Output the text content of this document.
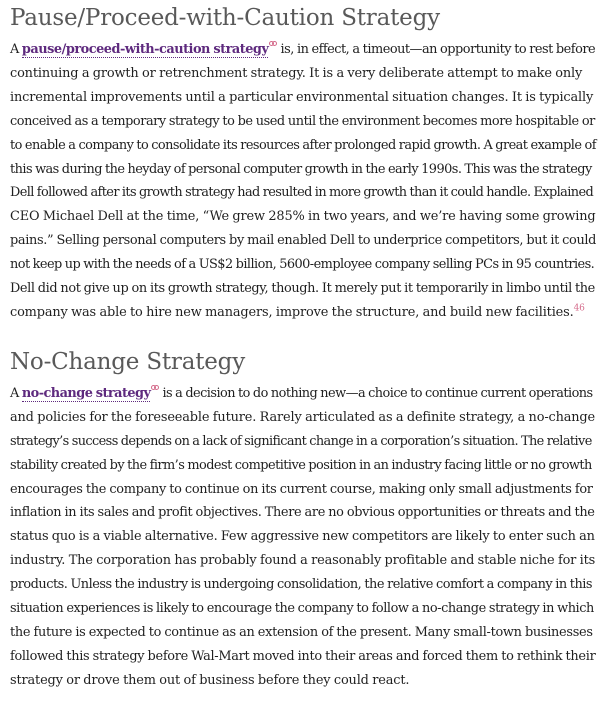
Pause/Proceed-with-Caution Strategy

A pause/proceed-with-caution strategy is, in effect, a timeout—an opportunity to rest before
continuing a growth or retrenchment strategy. It is a very deliberate attempt to make only
incremental improvements until a particular environmental situation changes. It is typically
conceived as a temporary strategy to be used until the environment becomes more hospitable or
to enable a company to consolidate its resources after prolonged rapid growth. A great example of
this was during the heyday of personal computer growth in the early 1990s. This was the strategy
Dell followed after its growth strategy had resulted in more growth than it could handle. Explained
CEO Michael Dell at the time, “We grew 285% in two years, and we’re having some growing
pains.” Selling personal computers by mail enabled Dell to underprice competitors, but it could
not keep up with the needs of a US$2 billion, 5600-employee company selling PCs in 95 countries.
Dell did not give up on its growth strategy, though. It merely put it temporarily in limbo until the
company was able to hire new managers, improve the structure, and build new facilities.$^{46}$

No-Change Strategy

A no-change strategy is a decision to do nothing new—a choice to continue current operations
and policies for the foreseeable future. Rarely articulated as a definite strategy, a no-change
strategy’s success depends on a lack of significant change in a corporation’s situation. The relative
stability created by the firm’s modest competitive position in an industry facing little or no growth
encourages the company to continue on its current course, making only small adjustments for
inflation in its sales and profit objectives. There are no obvious opportunities or threats and the
status quo is a viable alternative. Few aggressive new competitors are likely to enter such an
industry. The corporation has probably found a reasonably profitable and stable niche for its
products. Unless the industry is undergoing consolidation, the relative comfort a company in this
situation experiences is likely to encourage the company to follow a no-change strategy in which
the future is expected to continue as an extension of the present. Many small-town businesses
followed this strategy before Wal-Mart moved into their areas and forced them to rethink their
strategy or drove them out of business before they could react.
